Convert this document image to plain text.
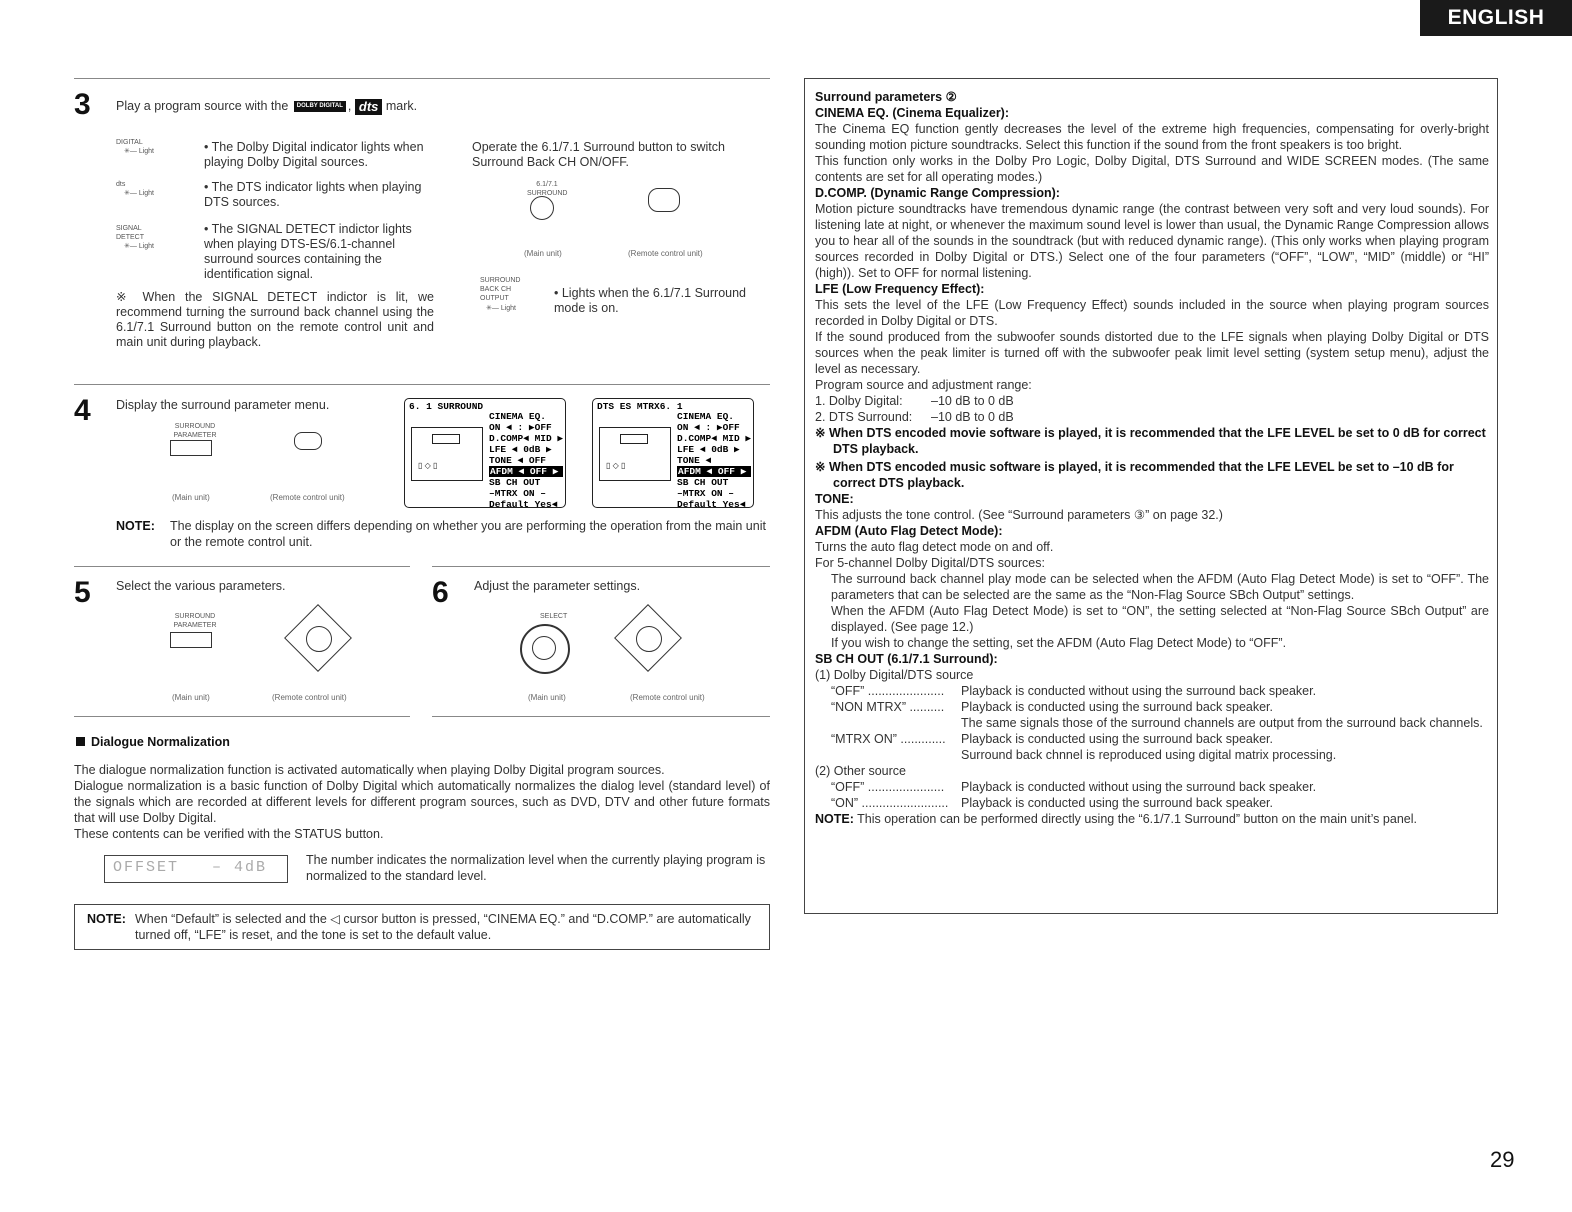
ENGLISH
3 Play a program source with the DOLBY DIGITAL , dts mark.
DIGITAL
✳— Light	• The Dolby Digital indicator lights when playing Dolby Digital sources.
dts
✳— Light	• The DTS indicator lights when playing DTS sources.
SIGNAL DETECT
✳— Light
• The SIGNAL DETECT indictor lights when playing DTS-ES/6.1-channel surround sources containing the identification signal.
※ When the SIGNAL DETECT indictor is lit, we recommend turning the surround back channel using the 6.1/7.1 Surround button on the remote control unit and main unit during playback.
Operate the 6.1/7.1 Surround button to switch Surround Back CH ON/OFF.
6.1/7.1 SURROUND
(Main unit)	(Remote control unit)
SURROUND BACK CH OUTPUT
✳— Light
• Lights when the 6.1/7.1 Surround mode is on.
4 Display the surround parameter menu.
SURROUND PARAMETER
(Main unit)	(Remote control unit)
6. 1 SURROUND
▯ ◇ ▯
CINEMA EQ.
ON ◄ : ▶OFF
D.COMP◄ MID ▶
LFE ◄ 0dB ▶
TONE ◄ OFF
AFDM ◄ OFF ▶
SB CH OUT
–MTRX ON –
Default Yes◄
DTS ES MTRX6. 1
▯ ◇ ▯
CINEMA EQ.
ON ◄ : ▶OFF
D.COMP◄ MID ▶
LFE ◄ 0dB ▶
TONE ◄
AFDM ◄ OFF ▶
SB CH OUT
–MTRX ON –
Default Yes◄
NOTE: The display on the screen differs depending on whether you are performing the operation from the main unit or the remote control unit.
5 Select the various parameters.
SURROUND PARAMETER
(Main unit)	(Remote control unit)
6 Adjust the parameter settings.
SELECT
(Main unit)	(Remote control unit)
Dialogue Normalization
The dialogue normalization function is activated automatically when playing Dolby Digital program sources.
Dialogue normalization is a basic function of Dolby Digital which automatically normalizes the dialog level (standard level) of the signals which are recorded at different levels for different program sources, such as DVD, DTV and other future formats that will use Dolby Digital.
These contents can be verified with the STATUS button.
OFFSET   – 4dB	The number indicates the normalization level when the currently playing program is normalized to the standard level.
NOTE: When “Default” is selected and the ◁ cursor button is pressed, “CINEMA EQ.” and “D.COMP.” are automatically turned off, “LFE” is reset, and the tone is set to the default value.

Surround parameters ②

CINEMA EQ. (Cinema Equalizer):

The Cinema EQ function gently decreases the level of the extreme high frequencies, compensating for overly-bright sounding motion picture soundtracks. Select this function if the sound from the front speakers is too bright.

This function only works in the Dolby Pro Logic, Dolby Digital, DTS Surround and WIDE SCREEN modes. (The same contents are set for all operating modes.)

D.COMP. (Dynamic Range Compression):

Motion picture soundtracks have tremendous dynamic range (the contrast between very soft and very loud sounds). For listening late at night, or whenever the maximum sound level is lower than usual, the Dynamic Range Compression allows you to hear all of the sounds in the soundtrack (but with reduced dynamic range). (This only works when playing program sources recorded in Dolby Digital or DTS.) Select one of the four parameters (“OFF”, “LOW”, “MID” (middle) or “HI” (high)). Set to OFF for normal listening.

LFE (Low Frequency Effect):

This sets the level of the LFE (Low Frequency Effect) sounds included in the source when playing program sources recorded in Dolby Digital or DTS.

If the sound produced from the subwoofer sounds distorted due to the LFE signals when playing Dolby Digital or DTS sources when the peak limiter is turned off with the subwoofer peak limit level setting (system setup menu), adjust the level as necessary.

Program source and adjustment range:

1. Dolby Digital:	–10 dB to 0 dB
2. DTS Surround:	–10 dB to 0 dB

※ When DTS encoded movie software is played, it is recommended that the LFE LEVEL be set to 0 dB for correct DTS playback.

※ When DTS encoded music software is played, it is recommended that the LFE LEVEL be set to –10 dB for correct DTS playback.

TONE:

This adjusts the tone control. (See “Surround parameters ③” on page 32.)

AFDM (Auto Flag Detect Mode):

Turns the auto flag detect mode on and off.

For 5-channel Dolby Digital/DTS sources:

The surround back channel play mode can be selected when the AFDM (Auto Flag Detect Mode) is set to “OFF”. The parameters that can be selected are the same as the “Non-Flag Source SBch Output” settings.

When the AFDM (Auto Flag Detect Mode) is set to “ON”, the setting selected at “Non-Flag Source SBch Output” are displayed. (See page 12.)

If you wish to change the setting, set the AFDM (Auto Flag Detect Mode) to “OFF”.

SB CH OUT (6.1/7.1 Surround):

(1) Dolby Digital/DTS source

“OFF” ......................	Playback is conducted without using the surround back speaker.
“NON MTRX” ..........	Playback is conducted using the surround back speaker.
The same signals those of the surround channels are output from the surround back channels.
“MTRX ON” .............	Playback is conducted using the surround back speaker.
Surround back chnnel is reproduced using digital matrix processing.

(2) Other source

“OFF” ......................	Playback is conducted without using the surround back speaker.
“ON” .........................	Playback is conducted using the surround back speaker.

NOTE: This operation can be performed directly using the “6.1/7.1 Surround” button on the main unit’s panel.

29
